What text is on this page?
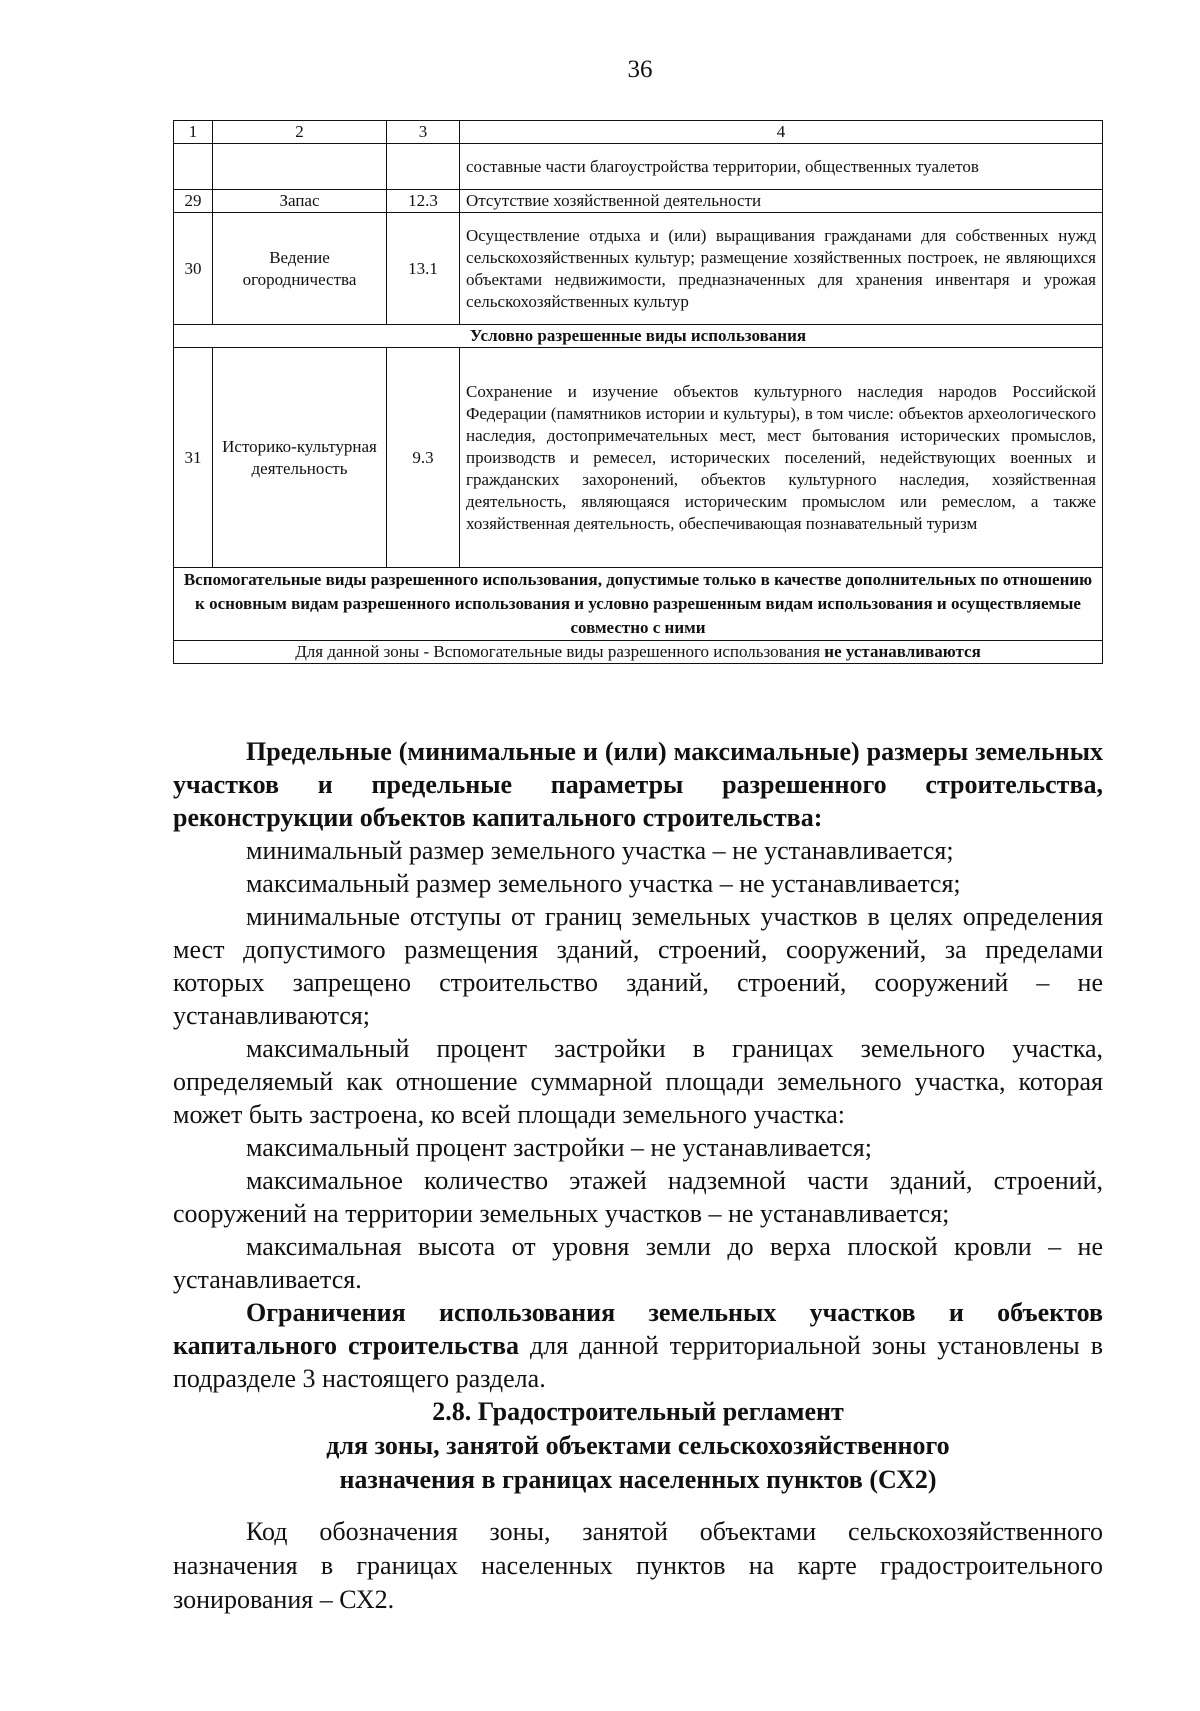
36
1	2	3	4
			составные части благоустройства территории, общественных туалетов
29	Запас	12.3	Отсутствие хозяйственной деятельности
30	Ведение огородничества	13.1	Осуществление отдыха и (или) выращивания гражданами для собственных нужд сельскохозяйственных культур; размещение хозяйственных построек, не являющихся объектами недвижимости, предназначенных для хранения инвентаря и урожая сельскохозяйственных культур
Условно разрешенные виды использования			
31	Историко-культурная деятельность	9.3	Сохранение и изучение объектов культурного наследия народов Российской Федерации (памятников истории и культуры), в том числе: объектов археологического наследия, достопримечательных мест, мест бытования исторических промыслов, производств и ремесел, исторических поселений, недействующих военных и гражданских захоронений, объектов культурного наследия, хозяйственная деятельность, являющаяся историческим промыслом или ремеслом, а также хозяйственная деятельность, обеспечивающая познавательный туризм
Вспомогательные виды разрешенного использования, допустимые только в качестве дополнительных по отношению к основным видам разрешенного использования и условно разрешенным видам использования и осуществляемые совместно с ними			
Для данной зоны - Вспомогательные виды разрешенного использования не устанавливаются			

Предельные (минимальные и (или) максимальные) размеры земельных участков и предельные параметры разрешенного строительства, реконструкции объектов капитального строительства:

минимальный размер земельного участка – не устанавливается;

максимальный размер земельного участка – не устанавливается;

минимальные отступы от границ земельных участков в целях определения мест допустимого размещения зданий, строений, сооружений, за пределами которых запрещено строительство зданий, строений, сооружений – не устанавливаются;

максимальный процент застройки в границах земельного участка, определяемый как отношение суммарной площади земельного участка, которая может быть застроена, ко всей площади земельного участка:

максимальный процент застройки – не устанавливается;

максимальное количество этажей надземной части зданий, строений, сооружений на территории земельных участков – не устанавливается;

максимальная высота от уровня земли до верха плоской кровли – не устанавливается.

Ограничения использования земельных участков и объектов капитального строительства для данной территориальной зоны установлены в подразделе 3 настоящего раздела.

2.8. Градостроительный регламент
для зоны, занятой объектами сельскохозяйственного
назначения в границах населенных пунктов (СХ2)

Код обозначения зоны, занятой объектами сельскохозяйственного назначения в границах населенных пунктов на карте градостроительного зонирования – СХ2.
